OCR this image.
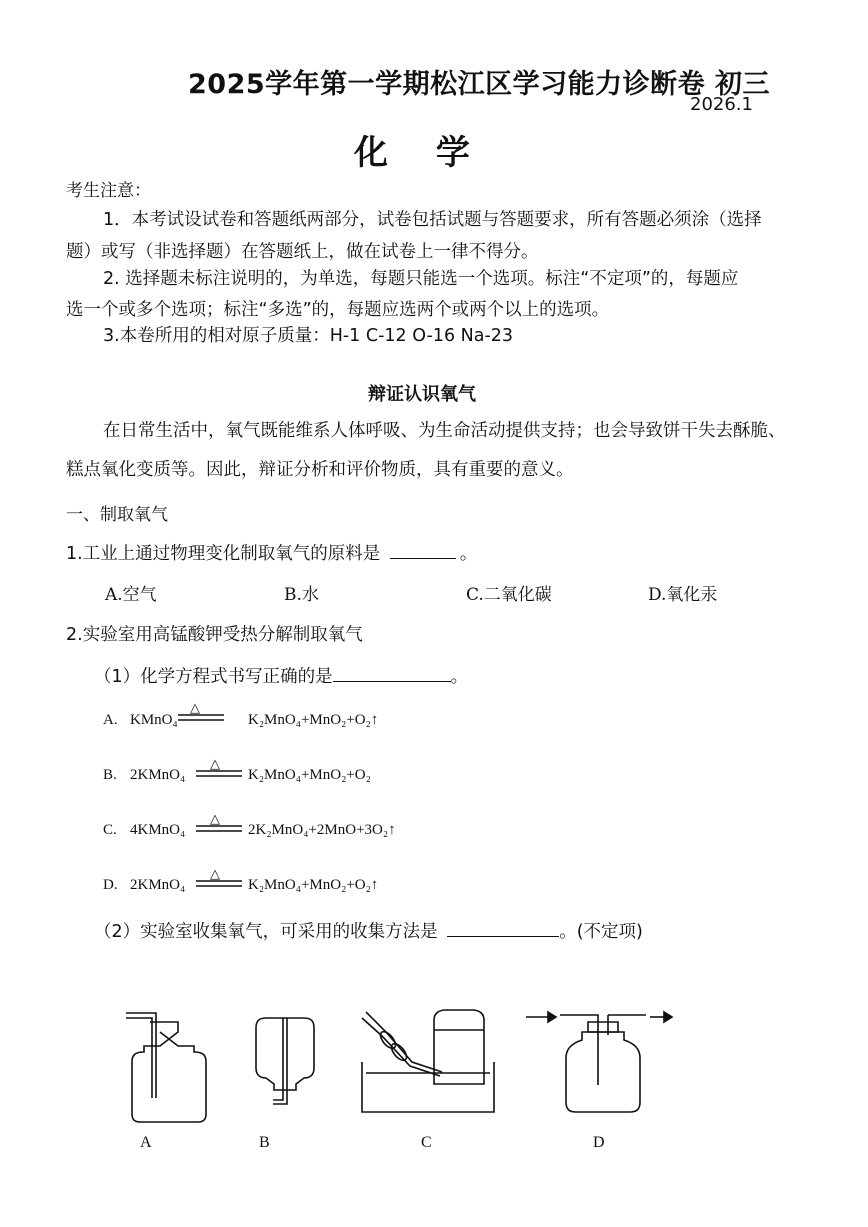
2025学年第一学期松江区学习能力诊断卷 初三
2026.1
化 学
考生注意：
1．本考试设试卷和答题纸两部分，试卷包括试题与答题要求，所有答题必须涂（选择
题）或写（非选择题）在答题纸上，做在试卷上一律不得分。
2. 选择题未标注说明的，为单选，每题只能选一个选项。标注“不定项”的，每题应
选一个或多个选项；标注“多选”的，每题应选两个或两个以上的选项。
3.本卷所用的相对原子质量：H-1 C-12 O-16 Na-23
辩证认识氧气
在日常生活中，氧气既能维系人体呼吸、为生命活动提供支持；也会导致饼干失去酥脆、
糕点氧化变质等。因此，辩证分析和评价物质，具有重要的意义。
一、制取氧气
1.工业上通过物理变化制取氧气的原料是	。
A.空气	B.水	C.二氧化碳	D.氧化汞
2.实验室用高锰酸钾受热分解制取氧气
（1）化学方程式书写正确的是	。
A. KMnO₄
△
K₂MnO₄+MnO₂+O₂↑
B. 2KMnO₄
△
K₂MnO₄+MnO₂+O₂
C. 4KMnO₄
△
2K₂MnO₄+2MnO+3O₂↑
D. 2KMnO₄
△
K₂MnO₄+MnO₂+O₂↑
（2）实验室收集氧气，可采用的收集方法是	。(不定项)
A	B	C	D
